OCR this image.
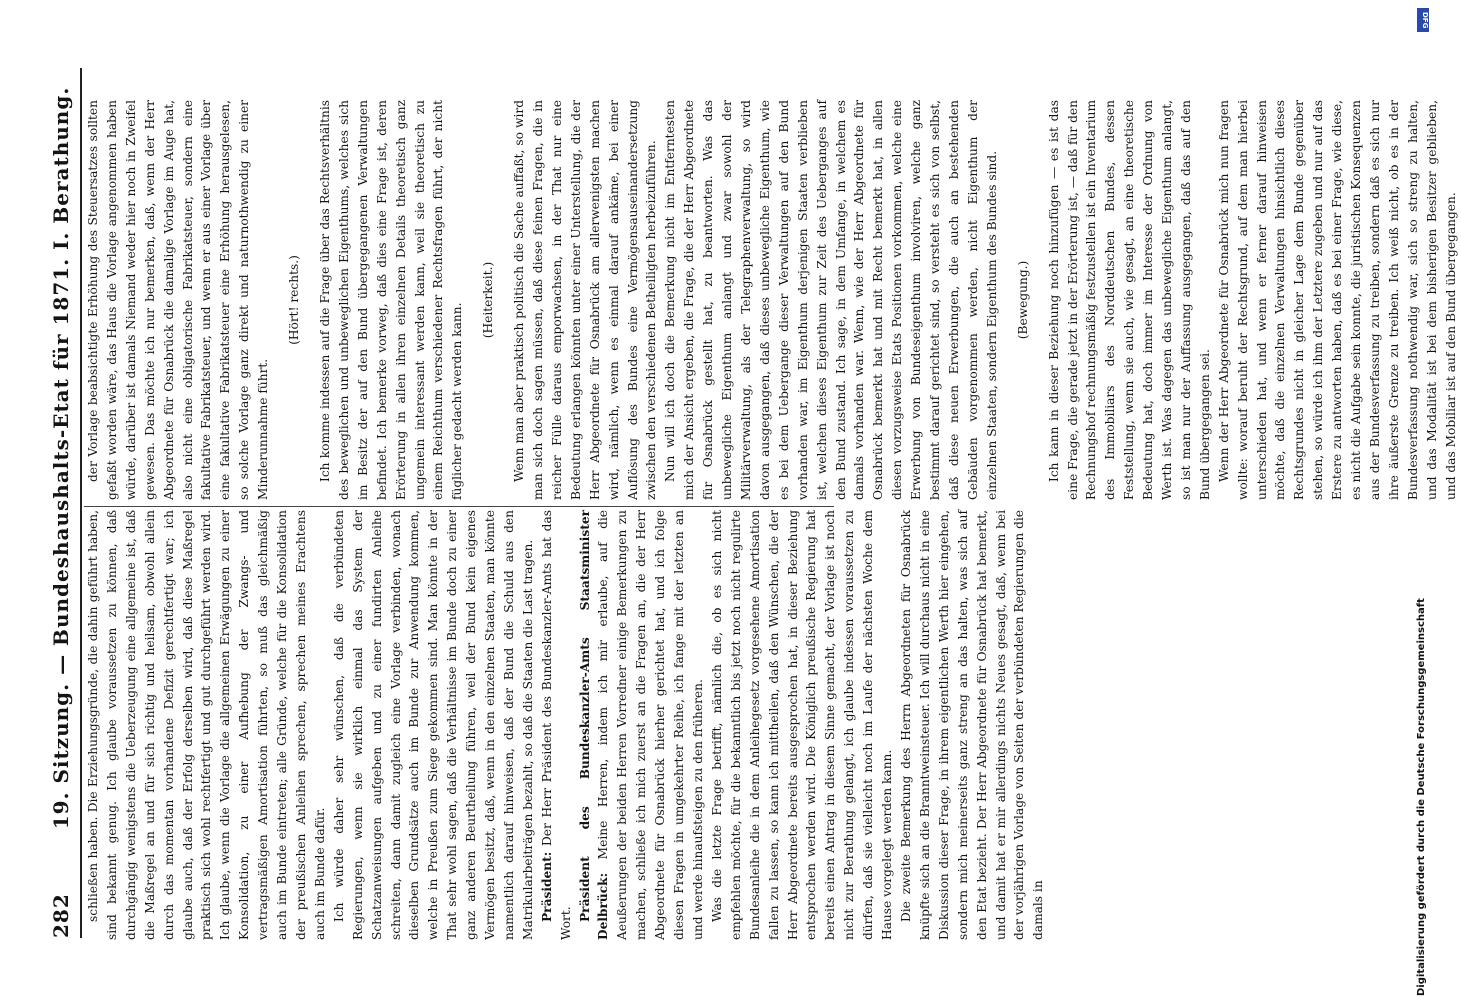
282
19. Sitzung. — Bundeshaushalts-Etat für 1871. I. Berathung. schließen haben. Die Erziehungsgründe, die dahin geführt haben, sind bekannt genug. Ich glaube voraussetzen zu können, daß durchgängig wenigstens die Ueberzeugung eine allgemeine ist, daß die Maßregel an und für sich richtig und heilsam, obwohl allein durch das momentan vorhandene Defizit gerechtfertigt war; ich glaube auch, daß der Erfolg derselben wird, daß diese Maßregel praktisch sich wohl rechtfertigt und gut durchgeführt werden wird. Ich glaube, wenn die Vorlage die allgemeinen Erwägungen zu einer Konsolidation, zu einer Aufhebung der Zwangs- und vertragsmäßigen Amortisation führten, so muß das gleichmäßig auch im Bunde eintreten; alle Gründe, welche für die Konsolidation der preußischen Anleihen sprechen, sprechen meines Erachtens auch im Bunde dafür. Ich würde daher sehr wünschen, daß die verbündeten Regierungen, wenn sie wirklich einmal das System der Schatzanweisungen aufgeben und zu einer fundirten Anleihe schreiten, dann damit zugleich eine Vorlage verbinden, wonach dieselben Grundsätze auch im Bunde zur Anwendung kommen, welche in Preußen zum Siege gekommen sind. Man könnte in der That sehr wohl sagen, daß die Verhältnisse im Bunde doch zu einer ganz anderen Beurtheilung führen, weil der Bund kein eigenes Vermögen besitzt, daß, wenn in den einzelnen Staaten, man könnte namentlich darauf hinweisen, daß der Bund die Schuld aus den Matrikularbeiträgen bezahlt, so daß die Staaten die Last tragen. Präsident: Der Herr Präsident des Bundeskanzler-Amts hat das Wort.

Präsident des Bundeskanzler-Amts Staatsminister Delbrück: Meine Herren, indem ich mir erlaube, auf die Aeußerungen der beiden Herren Vorredner einige Bemerkungen zu machen, schließe ich mich zuerst an die Fragen an, die der Herr Abgeordnete für Osnabrück hierher gerichtet hat, und ich folge diesen Fragen in umgekehrter Reihe, ich fange mit der letzten an und werde hinaufsteigen zu den früheren. Was die letzte Frage betrifft, nämlich die, ob es sich nicht empfehlen möchte, für die bekanntlich bis jetzt noch nicht regulirte Bundesanleihe die in dem Anleihegesetz vorgesehene Amortisation fallen zu lassen, so kann ich mittheilen, daß den Wünschen, die der Herr Abgeordnete bereits ausgesprochen hat, in dieser Beziehung entsprochen werden wird. Die Königlich preußische Regierung hat bereits einen Antrag in diesem Sinne gemacht, der Vorlage ist noch nicht zur Berathung gelangt, ich glaube indessen voraussetzen zu dürfen, daß sie vielleicht noch im Laufe der nächsten Woche dem Hause vorgelegt werden kann. Die zweite Bemerkung des Herrn Abgeordneten für Osnabrück knüpfte sich an die Branntweinsteuer. Ich will durchaus nicht in eine Diskussion dieser Frage, in ihrem eigentlichen Werth hier eingehen, sondern mich meinerseits ganz streng an das halten, was sich auf den Etat bezieht. Der Herr Abgeordnete für Osnabrück hat bemerkt, und damit hat er mir allerdings nichts Neues gesagt, daß, wenn bei der vorjährigen Vorlage von Seiten der verbündeten Regierungen die damals in

der Vorlage beabsichtigte Erhöhung des Steuersatzes sollten gefaßt worden wäre, das Haus die Vorlage angenommen haben würde, darüber ist damals Niemand weder hier noch in Zweifel gewesen. Das möchte ich nur bemerken, daß, wenn der Herr Abgeordnete für Osnabrück die damalige Vorlage im Auge hat, also nicht eine obligatorische Fabrikatsteuer, sondern eine fakultative Fabrikatsteuer, und wenn er aus einer Vorlage über eine fakultative Fabrikatsteuer eine Erhöhung herausgelesen, so solche Vorlage ganz direkt und naturnothwendig zu einer Minderunnahme führt.

(Hört! rechts.) Ich komme indessen auf die Frage über das Rechtsverhältnis des beweglichen und unbeweglichen Eigenthums, welches sich im Besitz der auf den Bund übergegangenen Verwaltungen befindet. Ich bemerke vorweg, daß dies eine Frage ist, deren Erörterung in allen ihren einzelnen Details theoretisch ganz ungemein interessant werden kann, weil sie theoretisch zu einem Reichthum verschiedener Rechtsfragen führt, der nicht füglicher gedacht werden kann.

(Heiterkeit.) Wenn man aber praktisch politisch die Sache auffaßt, so wird man sich doch sagen müssen, daß diese feinen Fragen, die in reicher Fülle daraus emporwachsen, in der That nur eine Bedeutung erlangen könnten unter einer Unterstellung, die der Herr Abgeordnete für Osnabrück am allerwenigsten machen wird, nämlich, wenn es einmal darauf ankäme, bei einer Auflösung des Bundes eine Vermögensauseinandersetzung zwischen den verschiedenen Betheiligten herbeizuführen. Nun will ich doch die Bemerkung nicht im Entferntesten mich der Ansicht ergeben, die Frage, die der Herr Abgeordnete für Osnabrück gestellt hat, zu beantworten. Was das unbewegliche Eigenthum anlangt und zwar sowohl der Militärverwaltung, als der Telegraphenverwaltung, so wird davon ausgegangen, daß dieses unbewegliche Eigenthum, wie es bei dem Uebergange dieser Verwaltungen auf den Bund vorhanden war, im Eigenthum derjenigen Staaten verblieben ist, welchen dieses Eigenthum zur Zeit des Ueberganges auf den Bund zustand. Ich sage, in dem Umfange, in welchem es damals vorhanden war. Wenn, wie der Herr Abgeordnete für Osnabrück bemerkt hat und mit Recht bemerkt hat, in allen diesen vorzugsweise Etats Positionen vorkommen, welche eine Erwerbung von Bundeseigenthum involviren, welche ganz bestimmt darauf gerichtet sind, so versteht es sich von selbst, daß diese neuen Erwerbungen, die auch an bestehenden Gebäuden vorgenommen werden, nicht Eigenthum der einzelnen Staaten, sondern Eigenthum des Bundes sind. (Bewegung.) Ich kann in dieser Beziehung noch hinzufügen — es ist das eine Frage, die gerade jetzt in der Erörterung ist, — daß für den Rechnungshof rechnungsmäßig festzustellen ist ein Inventarium des Immobiliars des Norddeutschen Bundes, dessen Feststellung, wenn sie auch, wie gesagt, an eine theoretische Bedeutung hat, doch immer im Interesse der Ordnung von Werth ist. Was dagegen das unbewegliche Eigenthum anlangt, so ist man nur der Auffassung ausgegangen, daß das auf den Bund übergegangen sei. Wenn der Herr Abgeordnete für Osnabrück mich nun fragen wollte: worauf beruht der Rechtsgrund, auf dem man hierbei unterschieden hat, und wenn er ferner darauf hinweisen möchte, daß die einzelnen Verwaltungen hinsichtlich dieses Rechtsgrundes nicht in gleicher Lage dem Bunde gegenüber stehen, so würde ich ihm der Letztere zugeben und nur auf das Erstere zu antworten haben, daß es bei einer Frage, wie diese, es nicht die Aufgabe sein konnte, die juristischen Konsequenzen aus der Bundesverfassung zu treiben, sondern daß es sich nur ihre äußerste Grenze zu treiben. Ich weiß nicht, ob es in der Bundesverfassung nothwendig war, sich so streng zu halten, und das Modalität ist bei dem bisherigen Besitzer geblieben, und das Mobiliar ist auf den Bund übergegangen.

Digitalisierung gefördert durch die Deutsche Forschungsgemeinschaft
DFG
